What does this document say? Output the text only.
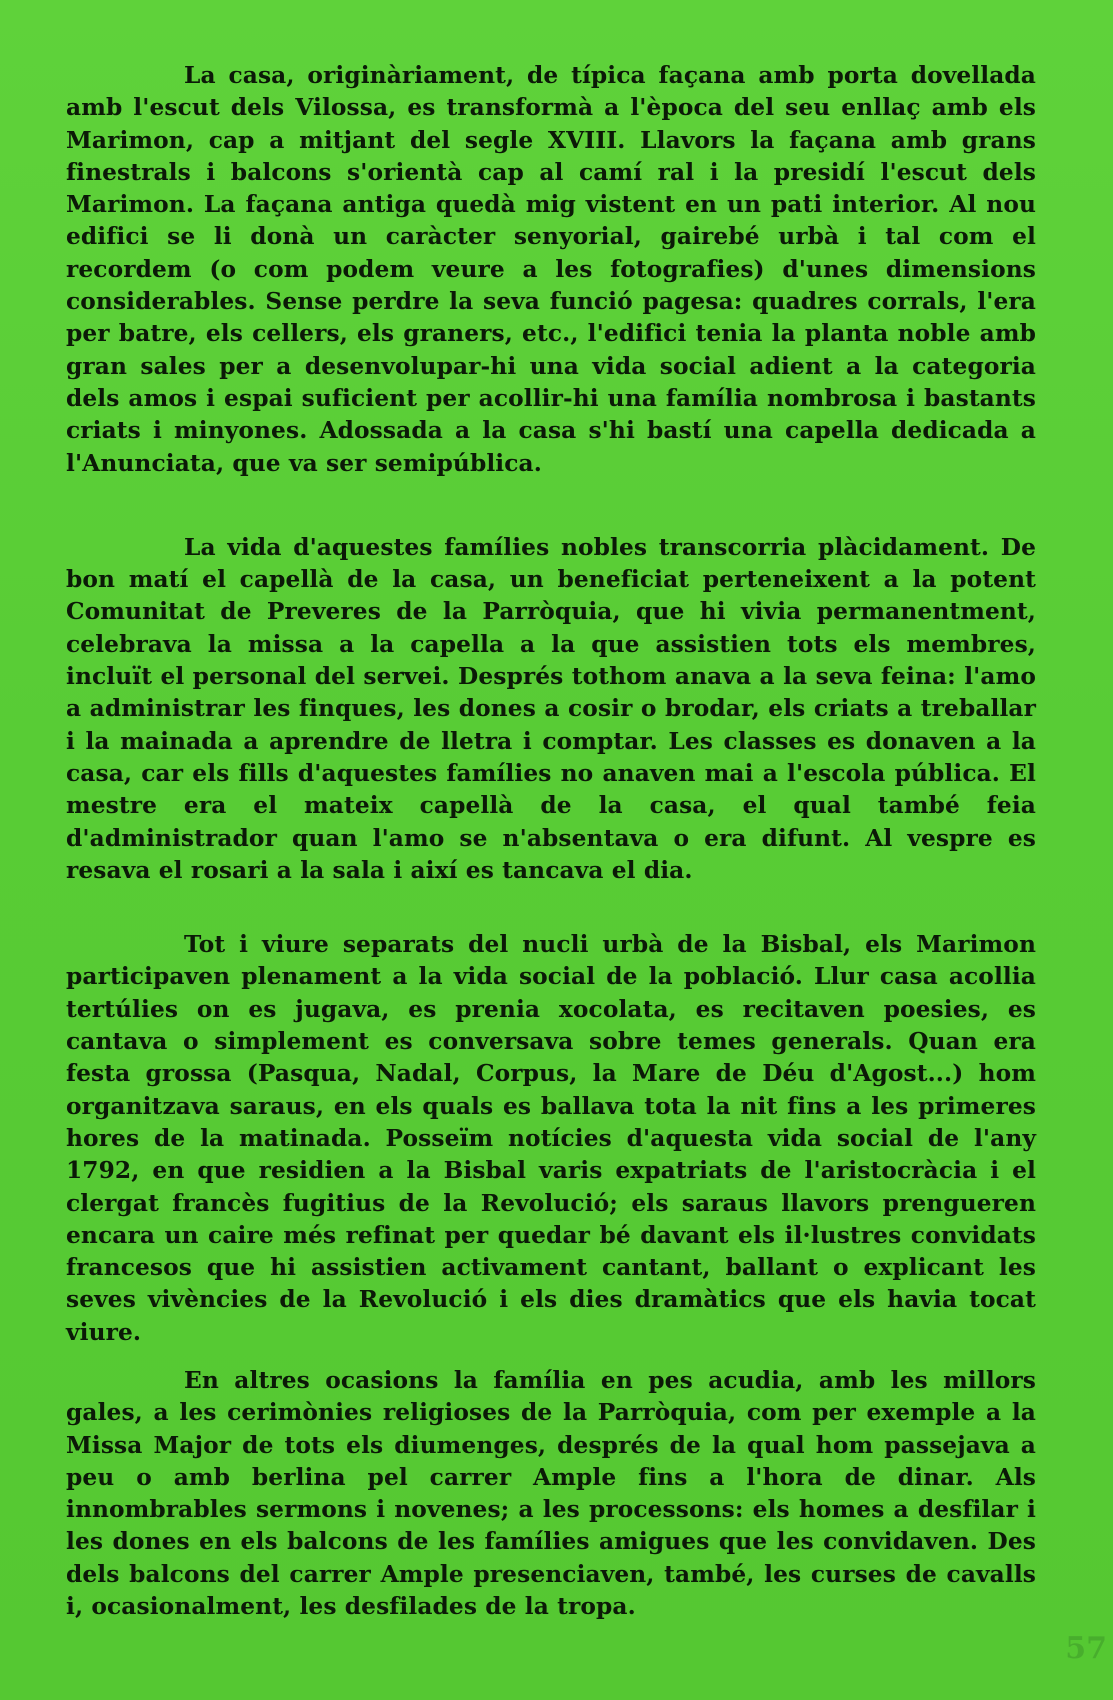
La casa, originàriament, de típica façana amb porta dovellada amb l'escut dels Vilossa, es transformà a l'època del seu enllaç amb els Marimon, cap a mitjant del segle XVIII. Llavors la façana amb grans finestrals i balcons s'orientà cap al camí ral i la presidí l'escut dels Marimon. La façana antiga quedà mig vistent en un pati interior. Al nou edifici se li donà un caràcter senyorial, gairebé urbà i tal com el recordem (o com podem veure a les fotografies) d'unes dimensions considerables. Sense perdre la seva funció pagesa: quadres corrals, l'era per batre, els cellers, els graners, etc., l'edifici tenia la planta noble amb gran sales per a desenvolupar-hi una vida social adient a la categoria dels amos i espai suficient per acollir-hi una família nombrosa i bastants criats i minyones. Adossada a la casa s'hi bastí una capella dedicada a l'Anunciata, que va ser semipública.

La vida d'aquestes famílies nobles transcorria plàcidament. De bon matí el capellà de la casa, un beneficiat perteneixent a la potent Comunitat de Preveres de la Parròquia, que hi vivia permanentment, celebrava la missa a la capella a la que assistien tots els membres, incluït el personal del servei. Després tothom anava a la seva feina: l'amo a administrar les finques, les dones a cosir o brodar, els criats a treballar i la mainada a aprendre de lletra i comptar. Les classes es donaven a la casa, car els fills d'aquestes famílies no anaven mai a l'escola pública. El mestre era el mateix capellà de la casa, el qual també feia d'administrador quan l'amo se n'absentava o era difunt. Al vespre es resava el rosari a la sala i així es tancava el dia.

Tot i viure separats del nucli urbà de la Bisbal, els Marimon participaven plenament a la vida social de la població. Llur casa acollia tertúlies on es jugava, es prenia xocolata, es recitaven poesies, es cantava o simplement es conversava sobre temes generals. Quan era festa grossa (Pasqua, Nadal, Corpus, la Mare de Déu d'Agost...) hom organitzava saraus, en els quals es ballava tota la nit fins a les primeres hores de la matinada. Posseïm notícies d'aquesta vida social de l'any 1792, en que residien a la Bisbal varis expatriats de l'aristocràcia i el clergat francès fugitius de la Revolució; els saraus llavors prengueren encara un caire més refinat per quedar bé davant els il·lustres convidats francesos que hi assistien activament cantant, ballant o explicant les seves vivències de la Revolució i els dies dramàtics que els havia tocat viure.

En altres ocasions la família en pes acudia, amb les millors gales, a les cerimònies religioses de la Parròquia, com per exemple a la Missa Major de tots els diumenges, després de la qual hom passejava a peu o amb berlina pel carrer Ample fins a l'hora de dinar. Als innombrables sermons i novenes; a les processons: els homes a desfilar i les dones en els balcons de les famílies amigues que les convidaven. Des dels balcons del carrer Ample presenciaven, també, les curses de cavalls i, ocasionalment, les desfilades de la tropa.

57
